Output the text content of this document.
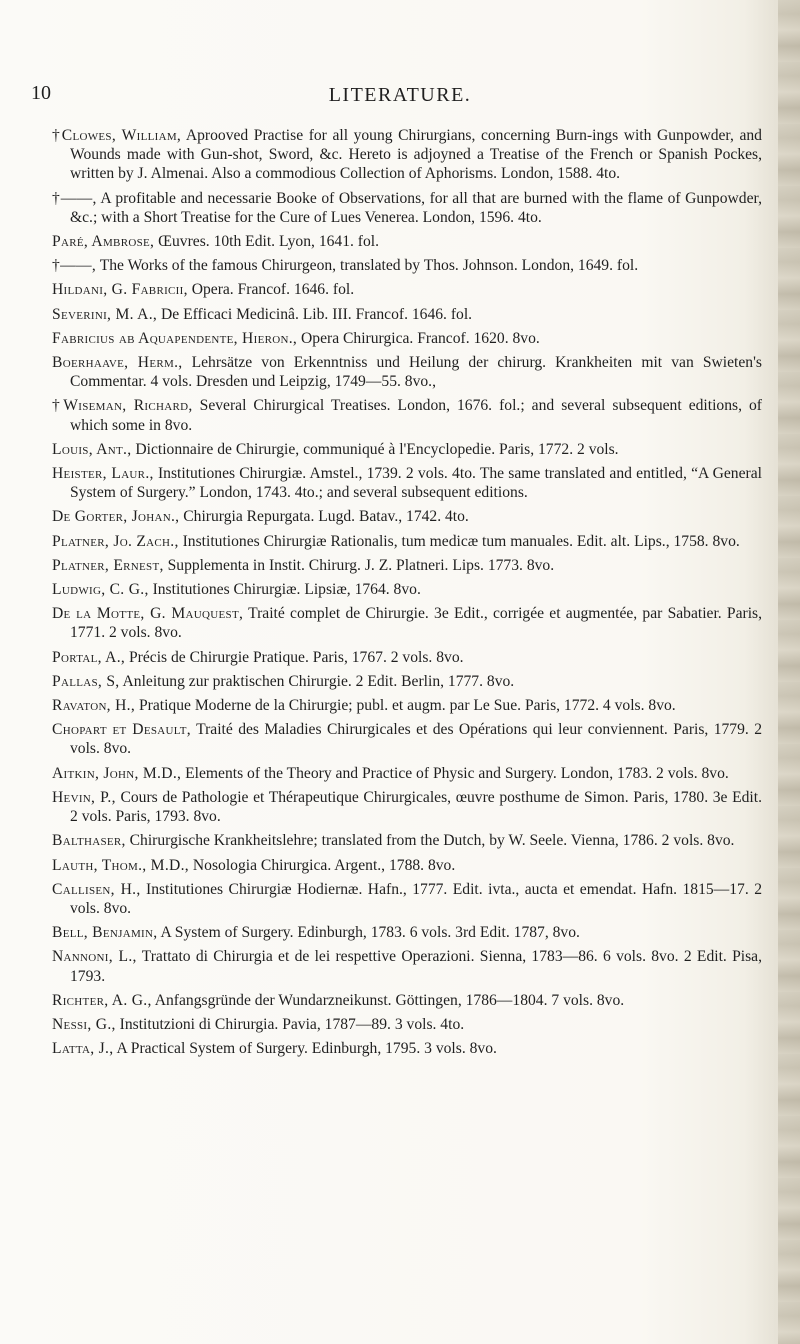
10	LITERATURE.

†Clowes, William, Aprooved Practise for all young Chirurgians, concerning Burn-ings with Gunpowder, and Wounds made with Gun-shot, Sword, &c. Hereto is adjoyned a Treatise of the French or Spanish Pockes, written by J. Almenai. Also a commodious Collection of Aphorisms. London, 1588. 4to.

†——, A profitable and necessarie Booke of Observations, for all that are burned with the flame of Gunpowder, &c.; with a Short Treatise for the Cure of Lues Venerea. London, 1596. 4to.

Paré, Ambrose, Œuvres. 10th Edit. Lyon, 1641. fol.

†——, The Works of the famous Chirurgeon, translated by Thos. Johnson. London, 1649. fol.

Hildani, G. Fabricii, Opera. Francof. 1646. fol.

Severini, M. A., De Efficaci Medicinâ. Lib. III. Francof. 1646. fol.

Fabricius ab Aquapendente, Hieron., Opera Chirurgica. Francof. 1620. 8vo.

Boerhaave, Herm., Lehrsätze von Erkenntniss und Heilung der chirurg. Krankheiten mit van Swieten's Commentar. 4 vols. Dresden und Leipzig, 1749—55. 8vo.,

†Wiseman, Richard, Several Chirurgical Treatises. London, 1676. fol.; and several subsequent editions, of which some in 8vo.

Louis, Ant., Dictionnaire de Chirurgie, communiqué à l'Encyclopedie. Paris, 1772. 2 vols.

Heister, Laur., Institutiones Chirurgiæ. Amstel., 1739. 2 vols. 4to. The same translated and entitled, “A General System of Surgery.” London, 1743. 4to.; and several subsequent editions.

De Gorter, Johan., Chirurgia Repurgata. Lugd. Batav., 1742. 4to.

Platner, Jo. Zach., Institutiones Chirurgiæ Rationalis, tum medicæ tum manuales. Edit. alt. Lips., 1758. 8vo.

Platner, Ernest, Supplementa in Instit. Chirurg. J. Z. Platneri. Lips. 1773. 8vo.

Ludwig, C. G., Institutiones Chirurgiæ. Lipsiæ, 1764. 8vo.

De la Motte, G. Mauquest, Traité complet de Chirurgie. 3e Edit., corrigée et augmentée, par Sabatier. Paris, 1771. 2 vols. 8vo.

Portal, A., Précis de Chirurgie Pratique. Paris, 1767. 2 vols. 8vo.

Pallas, S, Anleitung zur praktischen Chirurgie. 2 Edit. Berlin, 1777. 8vo.

Ravaton, H., Pratique Moderne de la Chirurgie; publ. et augm. par Le Sue. Paris, 1772. 4 vols. 8vo.

Chopart et Desault, Traité des Maladies Chirurgicales et des Opérations qui leur conviennent. Paris, 1779. 2 vols. 8vo.

Aitkin, John, M.D., Elements of the Theory and Practice of Physic and Surgery. London, 1783. 2 vols. 8vo.

Hevin, P., Cours de Pathologie et Thérapeutique Chirurgicales, œuvre posthume de Simon. Paris, 1780. 3e Edit. 2 vols. Paris, 1793. 8vo.

Balthaser, Chirurgische Krankheitslehre; translated from the Dutch, by W. Seele. Vienna, 1786. 2 vols. 8vo.

Lauth, Thom., M.D., Nosologia Chirurgica. Argent., 1788. 8vo.

Callisen, H., Institutiones Chirurgiæ Hodiernæ. Hafn., 1777. Edit. ivta., aucta et emendat. Hafn. 1815—17. 2 vols. 8vo.

Bell, Benjamin, A System of Surgery. Edinburgh, 1783. 6 vols. 3rd Edit. 1787, 8vo.

Nannoni, L., Trattato di Chirurgia et de lei respettive Operazioni. Sienna, 1783—86. 6 vols. 8vo. 2 Edit. Pisa, 1793.

Richter, A. G., Anfangsgründe der Wundarzneikunst. Göttingen, 1786—1804. 7 vols. 8vo.

Nessi, G., Institutzioni di Chirurgia. Pavia, 1787—89. 3 vols. 4to.

Latta, J., A Practical System of Surgery. Edinburgh, 1795. 3 vols. 8vo.
